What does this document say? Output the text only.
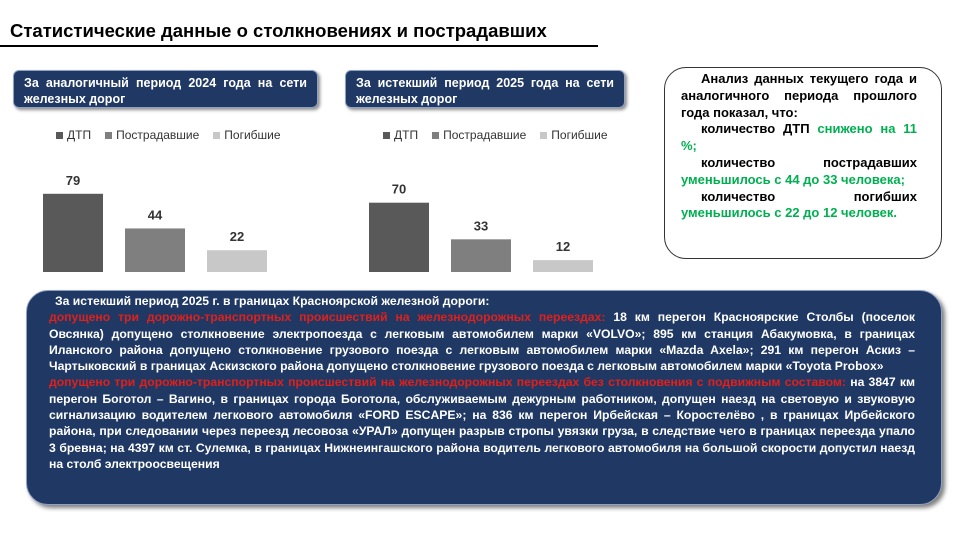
Статистические данные о столкновениях и пострадавших
За аналогичный период 2024 года на сети железных дорог
ДТП Пострадавшие Погибшие
79
44
22
За истекший период 2025 года на сети железных дорог
ДТП Пострадавшие Погибшие
70
33
12

Анализ данных текущего года и аналогичного периода прошлого года показал, что:

количество ДТП снижено на 11 %;

количество пострадавших уменьшилось с 44 до 33 человека;

количество погибших уменьшилось с 22 до 12 человек.

За истекший период 2025 г. в границах Красноярской железной дороги:

допущено три дорожно-транспортных происшествий на железнодорожных переездах: 18 км перегон Красноярские Столбы (поселок Овсянка) допущено столкновение электропоезда с легковым автомобилем марки «VOLVO»; 895 км станция Абакумовка, в границах Иланского района допущено столкновение грузового поезда с легковым автомобилем марки «Mazda Axela»; 291 км перегон Аскиз – Чартыковский в границах Аскизского района допущено столкновение грузового поезда с легковым автомобилем марки «Toyota Probox»

допущено три дорожно-транспортных происшествий на железнодорожных переездах без столкновения с подвижным составом: на 3847 км перегон Боготол – Вагино, в границах города Боготола, обслуживаемым дежурным работником, допущен наезд на световую и звуковую сигнализацию водителем легкового автомобиля «FORD ESCAPE»; на 836 км перегон Ирбейская – Коростелёво , в границах Ирбейского района, при следовании через переезд лесовоза «УРАЛ» допущен разрыв стропы увязки груза, в следствие чего в границах переезда упало 3 бревна; на 4397 км ст. Сулемка, в границах Нижнеингашского района водитель легкового автомобиля на большой скорости допустил наезд на столб электроосвещения
